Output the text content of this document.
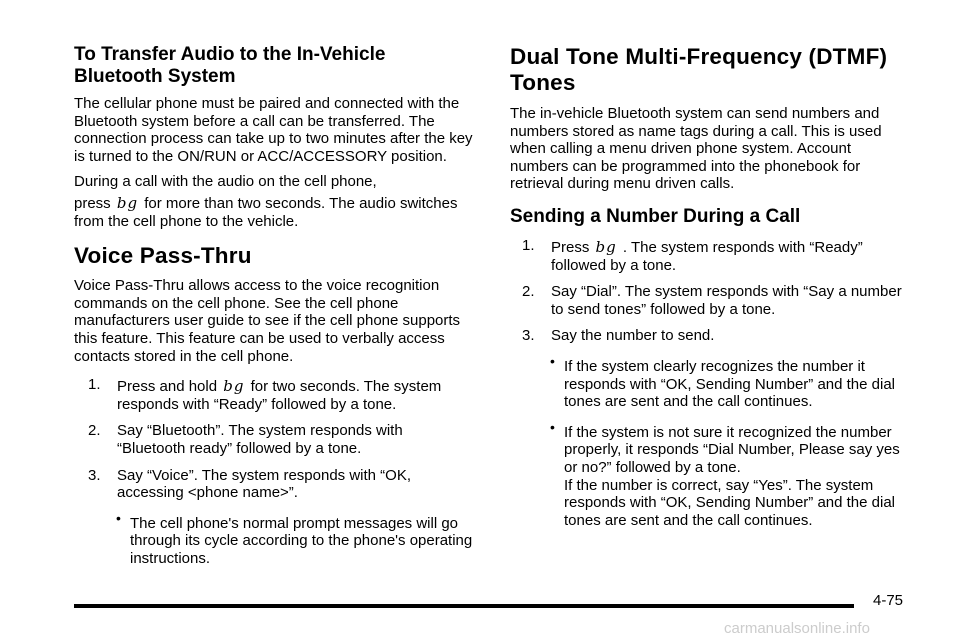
To Transfer Audio to the In-Vehicle Bluetooth System

The cellular phone must be paired and connected with the Bluetooth system before a call can be transferred. The connection process can take up to two minutes after the key is turned to the ON/RUN or ACC/ACCESSORY position.

During a call with the audio on the cell phone,
press bg for more than two seconds. The audio switches from the cell phone to the vehicle.

Voice Pass-Thru

Voice Pass-Thru allows access to the voice recognition commands on the cell phone. See the cell phone manufacturers user guide to see if the cell phone supports this feature. This feature can be used to verbally access contacts stored in the cell phone.

1.	Press and hold bg for two seconds. The system responds with “Ready” followed by a tone.
2.	Say “Bluetooth”. The system responds with “Bluetooth ready” followed by a tone.
3.	Say “Voice”. The system responds with “OK, accessing <phone name>”.
• The cell phone's normal prompt messages will go through its cycle according to the phone's operating instructions.
Dual Tone Multi-Frequency (DTMF) Tones

The in-vehicle Bluetooth system can send numbers and numbers stored as name tags during a call. This is used when calling a menu driven phone system. Account numbers can be programmed into the phonebook for retrieval during menu driven calls.

Sending a Number During a Call
1.	Press bg . The system responds with “Ready” followed by a tone.
2.	Say “Dial”. The system responds with “Say a number to send tones” followed by a tone.
3.	Say the number to send.
• If the system clearly recognizes the number it responds with “OK, Sending Number” and the dial tones are sent and the call continues.
• If the system is not sure it recognized the number properly, it responds “Dial Number, Please say yes or no?” followed by a tone.
If the number is correct, say “Yes”. The system responds with “OK, Sending Number” and the dial tones are sent and the call continues.
4-75
carmanualsonline.info
